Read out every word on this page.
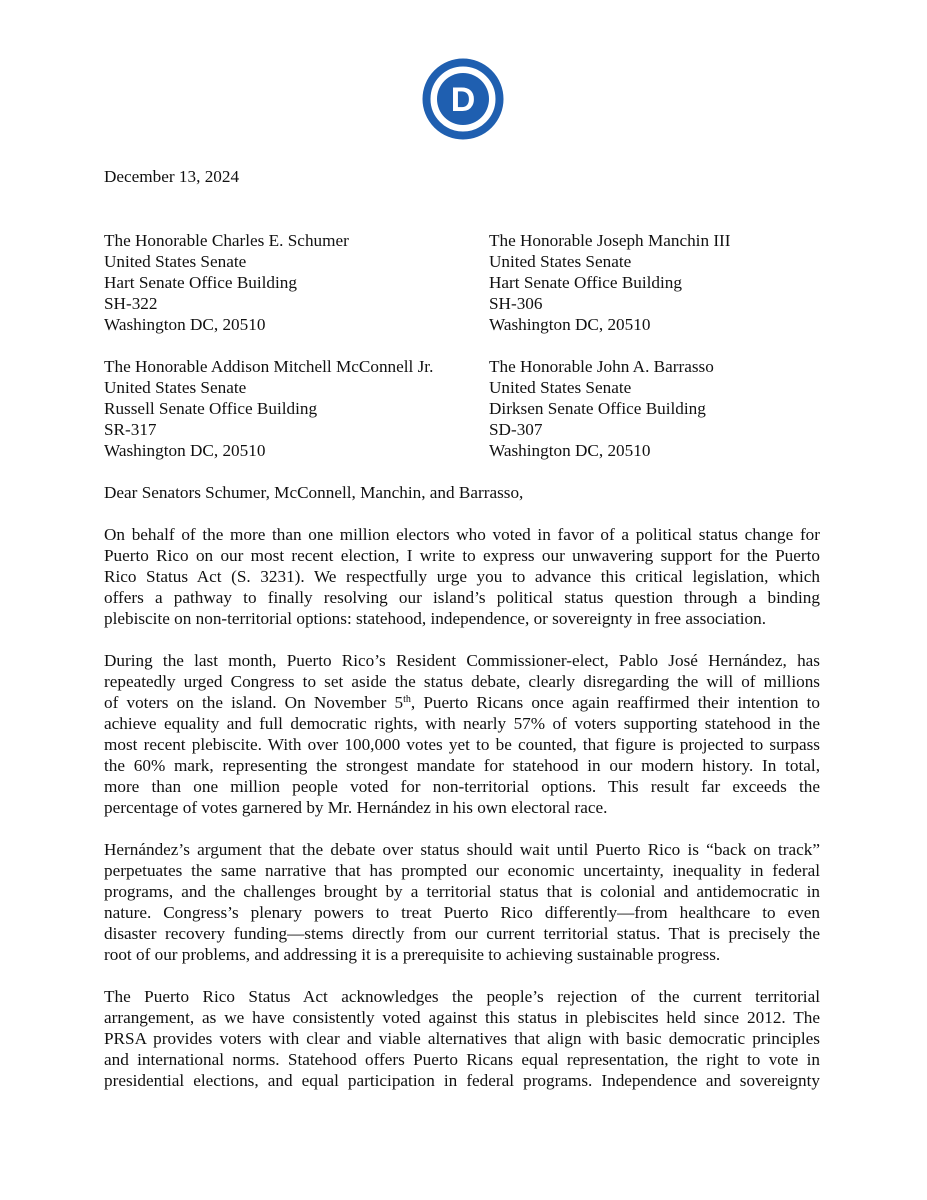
D
December 13, 2024
The Honorable Charles E. Schumer
United States Senate
Hart Senate Office Building
SH-322
Washington DC, 20510
The Honorable Joseph Manchin III
United States Senate
Hart Senate Office Building
SH-306
Washington DC, 20510
The Honorable Addison Mitchell McConnell Jr.
United States Senate
Russell Senate Office Building
SR-317
Washington DC, 20510
The Honorable John A. Barrasso
United States Senate
Dirksen Senate Office Building
SD-307
Washington DC, 20510
Dear Senators Schumer, McConnell, Manchin, and Barrasso,
On behalf of the more than one million electors who voted in favor of a political status change for
Puerto Rico on our most recent election, I write to express our unwavering support for the Puerto
Rico Status Act (S. 3231). We respectfully urge you to advance this critical legislation, which
offers a pathway to finally resolving our island’s political status question through a binding
plebiscite on non-territorial options: statehood, independence, or sovereignty in free association.
During the last month, Puerto Rico’s Resident Commissioner-elect, Pablo José Hernández, has
repeatedly urged Congress to set aside the status debate, clearly disregarding the will of millions
of voters on the island. On November 5th, Puerto Ricans once again reaffirmed their intention to
achieve equality and full democratic rights, with nearly 57% of voters supporting statehood in the
most recent plebiscite. With over 100,000 votes yet to be counted, that figure is projected to surpass
the 60% mark, representing the strongest mandate for statehood in our modern history. In total,
more than one million people voted for non-territorial options. This result far exceeds the
percentage of votes garnered by Mr. Hernández in his own electoral race.
Hernández’s argument that the debate over status should wait until Puerto Rico is “back on track”
perpetuates the same narrative that has prompted our economic uncertainty, inequality in federal
programs, and the challenges brought by a territorial status that is colonial and antidemocratic in
nature. Congress’s plenary powers to treat Puerto Rico differently—from healthcare to even
disaster recovery funding—stems directly from our current territorial status. That is precisely the
root of our problems, and addressing it is a prerequisite to achieving sustainable progress.
The Puerto Rico Status Act acknowledges the people’s rejection of the current territorial
arrangement, as we have consistently voted against this status in plebiscites held since 2012. The
PRSA provides voters with clear and viable alternatives that align with basic democratic principles
and international norms. Statehood offers Puerto Ricans equal representation, the right to vote in
presidential elections, and equal participation in federal programs. Independence and sovereignty
